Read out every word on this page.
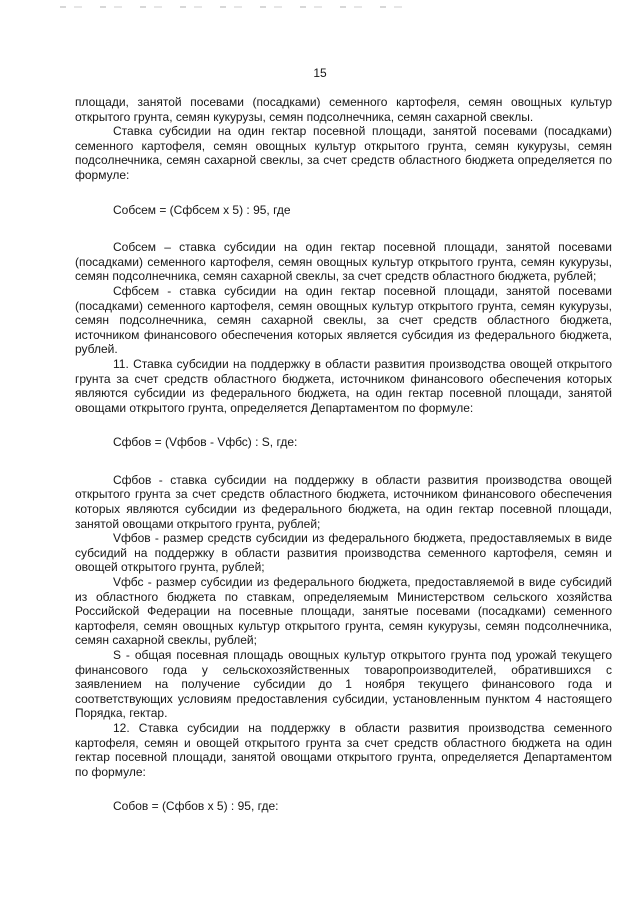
15

площади, занятой посевами (посадками) семенного картофеля, семян овощных культур открытого грунта, семян кукурузы, семян подсолнечника, семян сахарной свеклы.

Ставка субсидии на один гектар посевной площади, занятой посевами (посадками) семенного картофеля, семян овощных культур открытого грунта, семян кукурузы, семян подсолнечника, семян сахарной свеклы, за счет средств областного бюджета определяется по формуле:

Собсем = (Сфбсем х 5) : 95, где

Собсем – ставка субсидии на один гектар посевной площади, занятой посевами (посадками) семенного картофеля, семян овощных культур открытого грунта, семян кукурузы, семян подсолнечника, семян сахарной свеклы, за счет средств областного бюджета, рублей;

Сфбсем - ставка субсидии на один гектар посевной площади, занятой посевами (посадками) семенного картофеля, семян овощных культур открытого грунта, семян кукурузы, семян подсолнечника, семян сахарной свеклы, за счет средств областного бюджета, источником финансового обеспечения которых является субсидия из федерального бюджета, рублей.

11. Ставка субсидии на поддержку в области развития производства овощей открытого грунта за счет средств областного бюджета, источником финансового обеспечения которых являются субсидии из федерального бюджета, на один гектар посевной площади, занятой овощами открытого грунта, определяется Департаментом по формуле:

Сфбов = (Vфбов - Vфбс) : S, где:

Сфбов - ставка субсидии на поддержку в области развития производства овощей открытого грунта за счет средств областного бюджета, источником финансового обеспечения которых являются субсидии из федерального бюджета, на один гектар посевной площади, занятой овощами открытого грунта, рублей;

Vфбов - размер средств субсидии из федерального бюджета, предоставляемых в виде субсидий на поддержку в области развития производства семенного картофеля, семян и овощей открытого грунта, рублей;

Vфбс - размер субсидии из федерального бюджета, предоставляемой в виде субсидий из областного бюджета по ставкам, определяемым Министерством сельского хозяйства Российской Федерации на посевные площади, занятые посевами (посадками) семенного картофеля, семян овощных культур открытого грунта, семян кукурузы, семян подсолнечника, семян сахарной свеклы, рублей;

S - общая посевная площадь овощных культур открытого грунта под урожай текущего финансового года у сельскохозяйственных товаропроизводителей, обратившихся с заявлением на получение субсидии до 1 ноября текущего финансового года и соответствующих условиям предоставления субсидии, установленным пунктом 4 настоящего Порядка, гектар.

12. Ставка субсидии на поддержку в области развития производства семенного картофеля, семян и овощей открытого грунта за счет средств областного бюджета на один гектар посевной площади, занятой овощами открытого грунта, определяется Департаментом по формуле:

Собов = (Сфбов х 5) : 95, где:
